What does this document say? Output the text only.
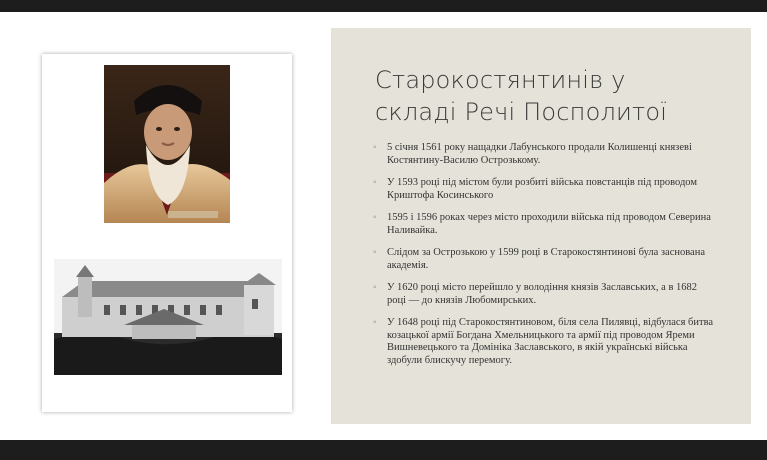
Старокостянтинів у
складі Речі Посполитої
◦ 5 січня 1561 року нащадки Лабунського продали Колишенці князеві Костянтину-Василю Острозькому.
◦ У 1593 році під містом були розбиті війська повстанців під проводом Криштофа Косинського
◦ 1595 і 1596 роках через місто проходили війська під проводом Северина Наливайка.
◦ Слідом за Острозькою у 1599 році в Старокостянтинові була заснована академія.
◦ У 1620 році місто перейшло у володіння князів Заславських, а в 1682 році — до князів Любомирських.
◦ У 1648 році під Старокостянтиновом, біля села Пилявці, відбулася битва козацької армії Богдана Хмельницького та армії під проводом Яреми Вишневецького та Домініка Заславського, в якій українські війська здобули блискучу перемогу.
